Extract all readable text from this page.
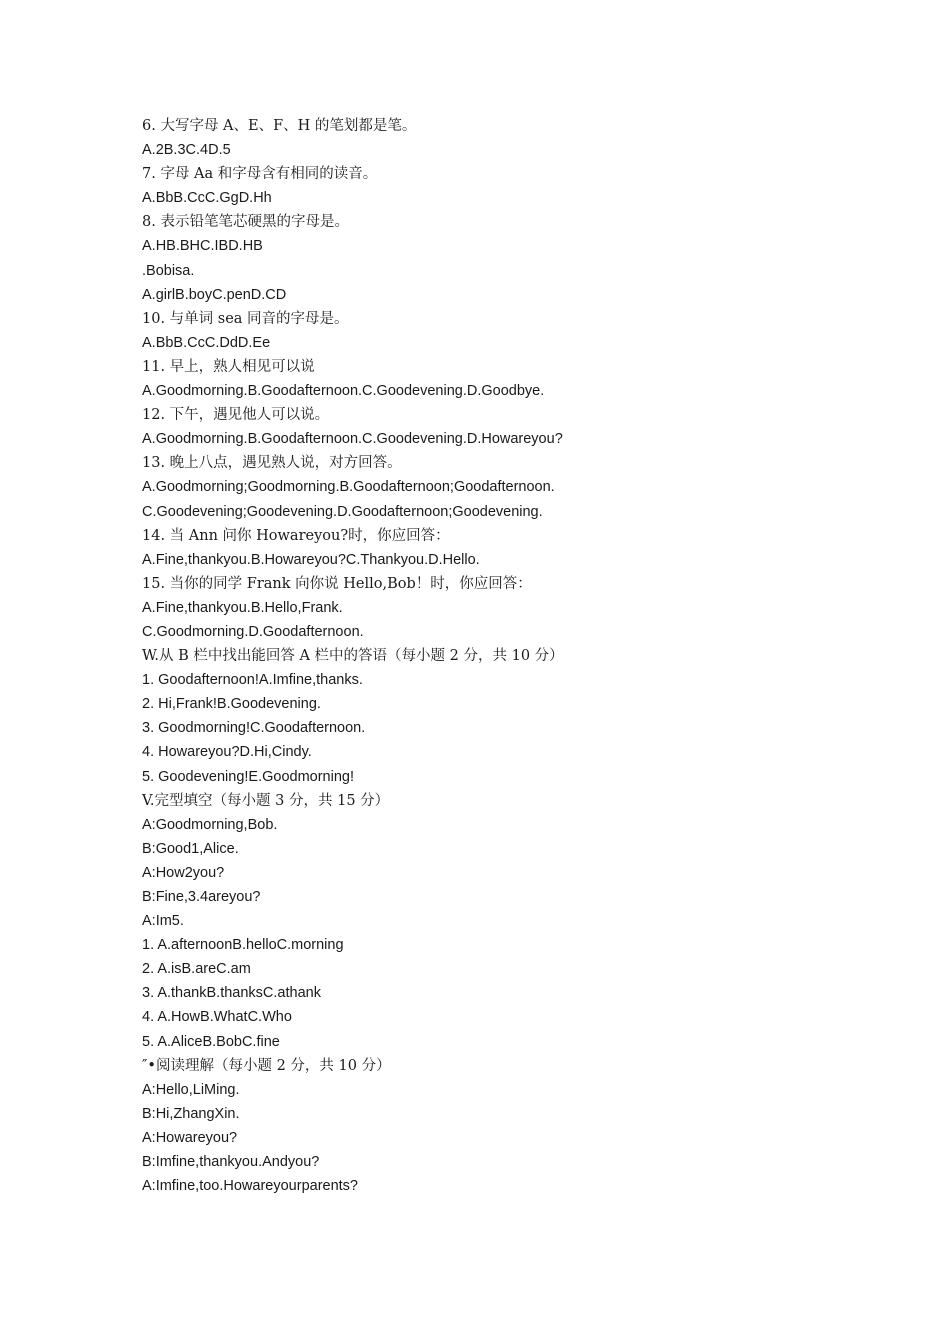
6. 大写字母 A、E、F、H 的笔划都是笔。
A.2B.3C.4D.5
7. 字母 Aa 和字母含有相同的读音。
A.BbB.CcC.GgD.Hh
8. 表示铅笔笔芯硬黑的字母是。
A.HB.BHC.IBD.HB
.Bobisa.
A.girlB.boyC.penD.CD
10. 与单词 sea 同音的字母是。
A.BbB.CcC.DdD.Ee
11. 早上，熟人相见可以说
A.Goodmorning.B.Goodafternoon.C.Goodevening.D.Goodbye.
12. 下午，遇见他人可以说。
A.Goodmorning.B.Goodafternoon.C.Goodevening.D.Howareyou?
13. 晚上八点，遇见熟人说，对方回答。
A.Goodmorning;Goodmorning.B.Goodafternoon;Goodafternoon.
C.Goodevening;Goodevening.D.Goodafternoon;Goodevening.
14. 当 Ann 问你 Howareyou?时，你应回答：
A.Fine,thankyou.B.Howareyou?C.Thankyou.D.Hello.
15. 当你的同学 Frank 向你说 Hello,Bob！时，你应回答：
A.Fine,thankyou.B.Hello,Frank.
C.Goodmorning.D.Goodafternoon.
W.从 B 栏中找出能回答 A 栏中的答语（每小题 2 分，共 10 分）
1. Goodafternoon!A.Imfine,thanks.
2. Hi,Frank!B.Goodevening.
3. Goodmorning!C.Goodafternoon.
4. Howareyou?D.Hi,Cindy.
5. Goodevening!E.Goodmorning!
V.完型填空（每小题 3 分，共 15 分）
A:Goodmorning,Bob.
B:Good1,Alice.
A:How2you?
B:Fine,3.4areyou?
A:Im5.
1. A.afternoonB.helloC.morning
2. A.isB.areC.am
3. A.thankB.thanksC.athank
4. A.HowB.WhatC.Who
5. A.AliceB.BobC.fine
″•阅读理解（每小题 2 分，共 10 分）
A:Hello,LiMing.
B:Hi,ZhangXin.
A:Howareyou?
B:Imfine,thankyou.Andyou?
A:Imfine,too.Howareyourparents?
